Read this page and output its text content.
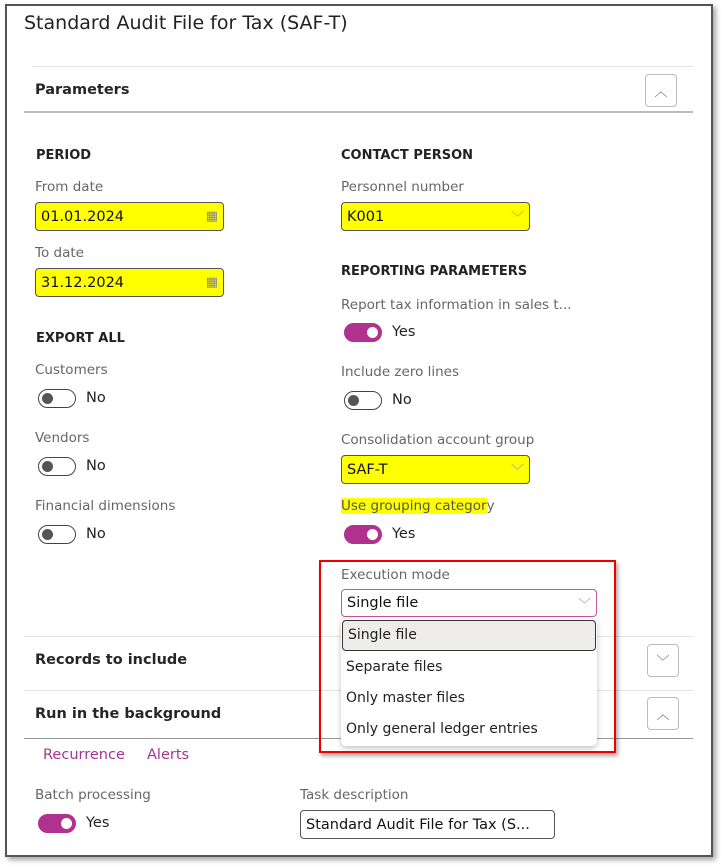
Standard Audit File for Tax (SAF-T)
Parameters	︿
PERIOD
From date
01.01.2024	▦
To date
31.12.2024	▦
EXPORT ALL
Customers
No
Vendors
No
Financial dimensions
No
CONTACT PERSON
Personnel number
K001	﹀
REPORTING PARAMETERS
Report tax information in sales t...
Yes
Include zero lines
No
Consolidation account group
SAF-T	﹀
Use grouping category
Yes
Records to include	﹀
Run in the background	︿
Recurrence Alerts
Batch processing
Yes
Task description
Standard Audit File for Tax (S...
Execution mode
Single file	﹀
Single file
Separate files
Only master files
Only general ledger entries
